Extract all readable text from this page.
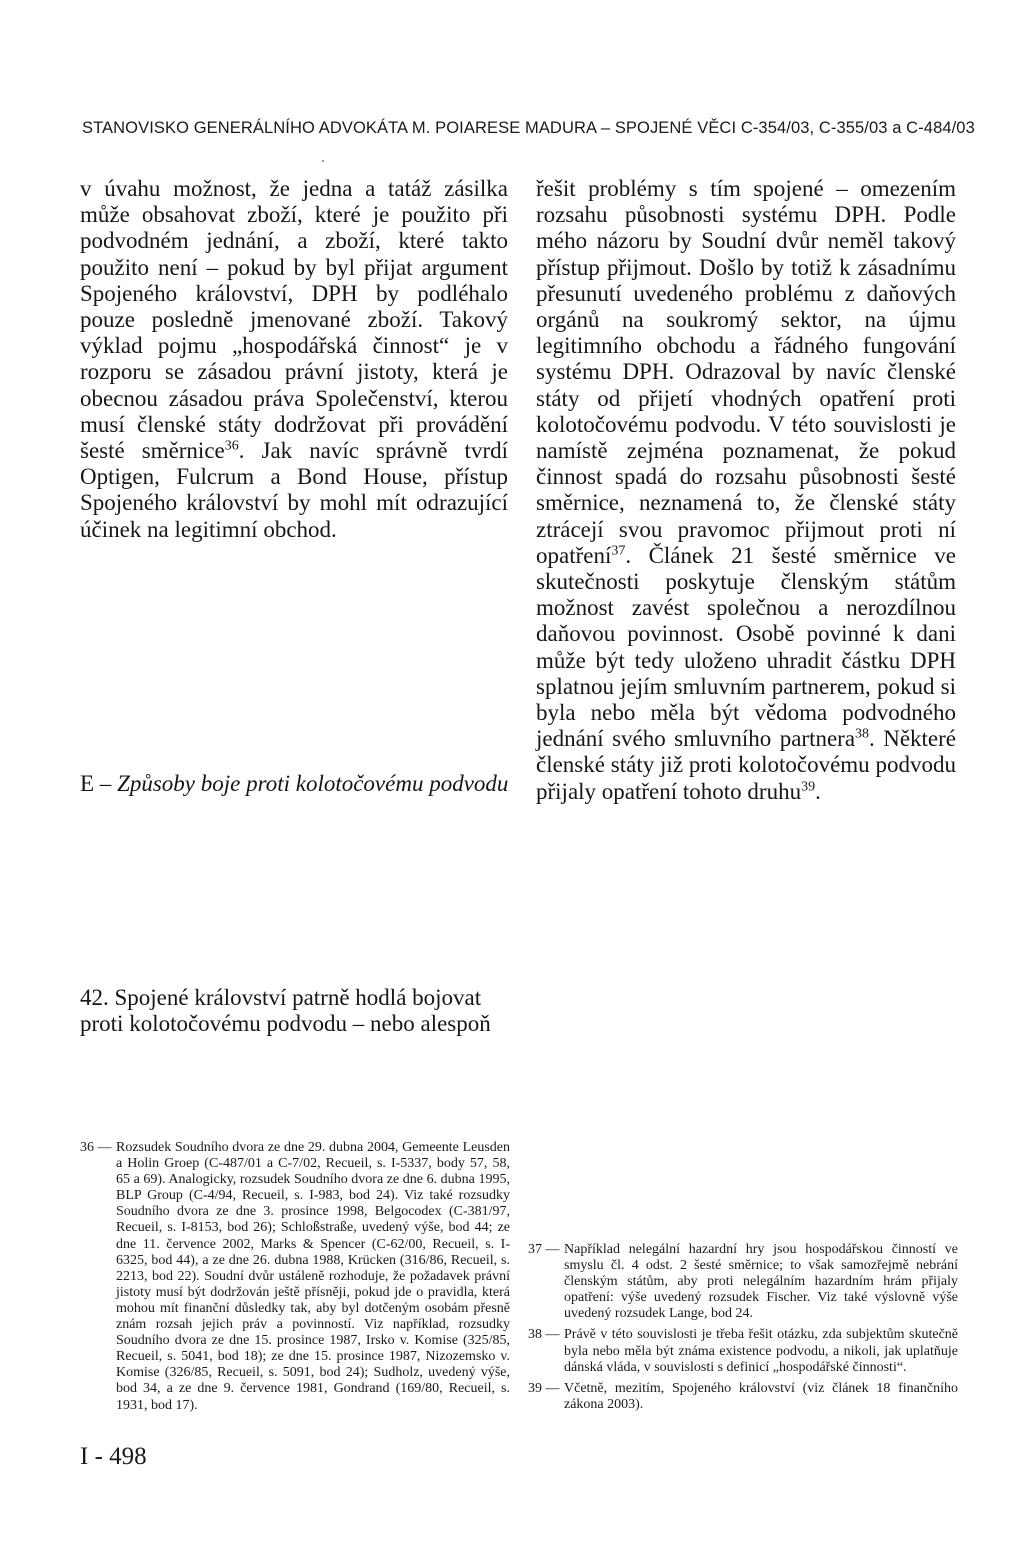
STANOVISKO GENERÁLNÍHO ADVOKÁTA M. POIARESE MADURA – SPOJENÉ VĚCI C-354/03, C-355/03 a C-484/03
v úvahu možnost, že jedna a tatáž zásilka může obsahovat zboží, které je použito při podvodném jednání, a zboží, které takto použito není – pokud by byl přijat argument Spojeného království, DPH by podléhalo pouze posledně jmenované zboží. Takový výklad pojmu „hospodářská činnost“ je v rozporu se zásadou právní jistoty, která je obecnou zásadou práva Společenství, kterou musí členské státy dodržovat při provádění šesté směrnice$^{36}$. Jak navíc správně tvrdí Optigen, Fulcrum a Bond House, přístup Spojeného království by mohl mít odrazující účinek na legitimní obchod.
E – Způsoby boje proti kolotočovému podvodu
42. Spojené království patrně hodlá bojovat proti kolotočovému podvodu – nebo alespoň
řešit problémy s tím spojené – omezením rozsahu působnosti systému DPH. Podle mého názoru by Soudní dvůr neměl takový přístup přijmout. Došlo by totiž k zásadnímu přesunutí uvedeného problému z daňových orgánů na soukromý sektor, na újmu legitimního obchodu a řádného fungování systému DPH. Odrazoval by navíc členské státy od přijetí vhodných opatření proti kolotočovému podvodu. V této souvislosti je namístě zejména poznamenat, že pokud činnost spadá do rozsahu působnosti šesté směrnice, neznamená to, že členské státy ztrácejí svou pravomoc přijmout proti ní opatření$^{37}$. Článek 21 šesté směrnice ve skutečnosti poskytuje členským státům možnost zavést společnou a nerozdílnou daňovou povinnost. Osobě povinné k dani může být tedy uloženo uhradit částku DPH splatnou jejím smluvním partnerem, pokud si byla nebo měla být vědoma podvodného jednání svého smluvního partnera$^{38}$. Některé členské státy již proti kolotočovému podvodu přijaly opatření tohoto druhu$^{39}$.
36 — Rozsudek Soudního dvora ze dne 29. dubna 2004, Gemeente Leusden a Holin Groep (C-487/01 a C-7/02, Recueil, s. I-5337, body 57, 58, 65 a 69). Analogicky, rozsudek Soudního dvora ze dne 6. dubna 1995, BLP Group (C-4/94, Recueil, s. I-983, bod 24). Viz také rozsudky Soudního dvora ze dne 3. prosince 1998, Belgocodex (C-381/97, Recueil, s. I-8153, bod 26); Schloßstraße, uvedený výše, bod 44; ze dne 11. července 2002, Marks & Spencer (C-62/00, Recueil, s. I-6325, bod 44), a ze dne 26. dubna 1988, Krücken (316/86, Recueil, s. 2213, bod 22). Soudní dvůr ustáleně rozhoduje, že požadavek právní jistoty musí být dodržován ještě přísněji, pokud jde o pravidla, která mohou mít finanční důsledky tak, aby byl dotčeným osobám přesně znám rozsah jejich práv a povinností. Viz například, rozsudky Soudního dvora ze dne 15. prosince 1987, Irsko v. Komise (325/85, Recueil, s. 5041, bod 18); ze dne 15. prosince 1987, Nizozemsko v. Komise (326/85, Recueil, s. 5091, bod 24); Sudholz, uvedený výše, bod 34, a ze dne 9. července 1981, Gondrand (169/80, Recueil, s. 1931, bod 17).
37 — Například nelegální hazardní hry jsou hospodářskou činností ve smyslu čl. 4 odst. 2 šesté směrnice; to však samozřejmě nebrání členským státům, aby proti nelegálním hazardním hrám přijaly opatření: výše uvedený rozsudek Fischer. Viz také výslovně výše uvedený rozsudek Lange, bod 24.
38 — Právě v této souvislosti je třeba řešit otázku, zda subjektům skutečně byla nebo měla být známa existence podvodu, a nikoli, jak uplatňuje dánská vláda, v souvislosti s definicí „hospodářské činnosti“.
39 — Včetně, mezitím, Spojeného království (viz článek 18 finančního zákona 2003).
I - 498
